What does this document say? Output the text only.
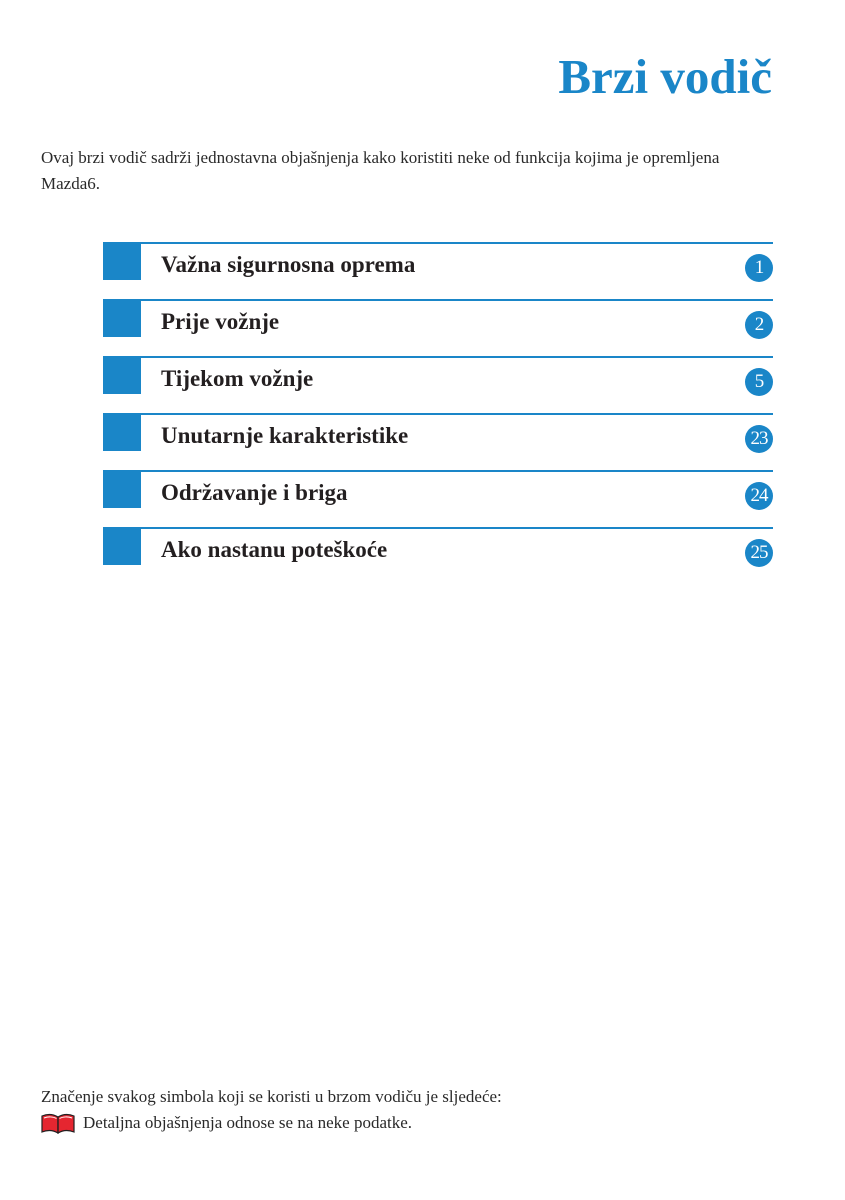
Brzi vodič
Ovaj brzi vodič sadrži jednostavna objašnjenja kako koristiti neke od funkcija kojima je opremljena Mazda6.
Važna sigurnosna oprema	1
Prije vožnje	2
Tijekom vožnje	5
Unutarnje karakteristike	23
Održavanje i briga	24
Ako nastanu poteškoće	25
Značenje svakog simbola koji se koristi u brzom vodiču je sljedeće:
Detaljna objašnjenja odnose se na neke podatke.
